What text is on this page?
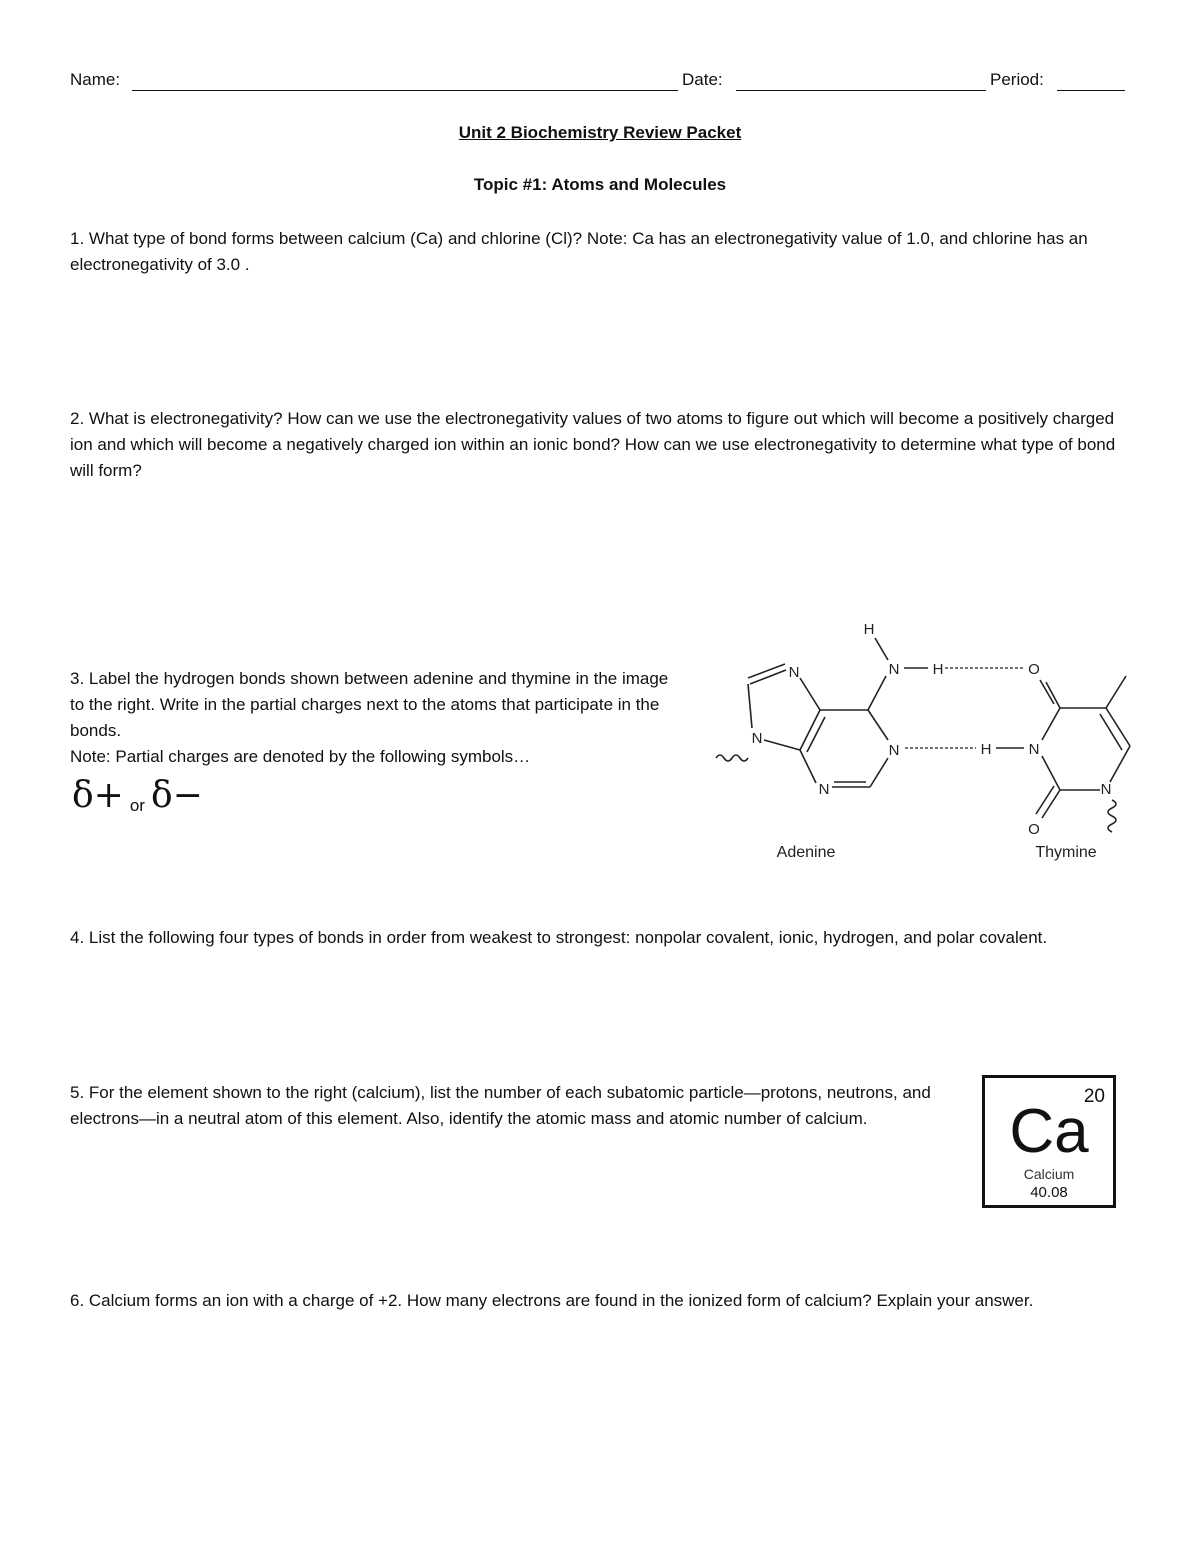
Name:	Date:	Period:
Unit 2 Biochemistry Review Packet
Topic #1: Atoms and Molecules
1. What type of bond forms between calcium (Ca) and chlorine (Cl)? Note: Ca has an electronegativity value of 1.0, and chlorine has an electronegativity of 3.0 .
2. What is electronegativity? How can we use the electronegativity values of two atoms to figure out which will become a positively charged ion and which will become a negatively charged ion within an ionic bond? How can we use electronegativity to determine what type of bond will form?
3. Label the hydrogen bonds shown between adenine and thymine in the image to the right. Write in the partial charges next to the atoms that participate in the bonds.
Note: Partial charges are denoted by the following symbols…
δ+ or δ−
N
N
N
N
N
H
H	O
H N
N
O
Adenine	Thymine
4. List the following four types of bonds in order from weakest to strongest: nonpolar covalent, ionic, hydrogen, and polar covalent.
5. For the element shown to the right (calcium), list the number of each subatomic particle—protons, neutrons, and electrons—in a neutral atom of this element. Also, identify the atomic mass and atomic number of calcium.
20
Ca
Calcium
40.08
6. Calcium forms an ion with a charge of +2. How many electrons are found in the ionized form of calcium? Explain your answer.
